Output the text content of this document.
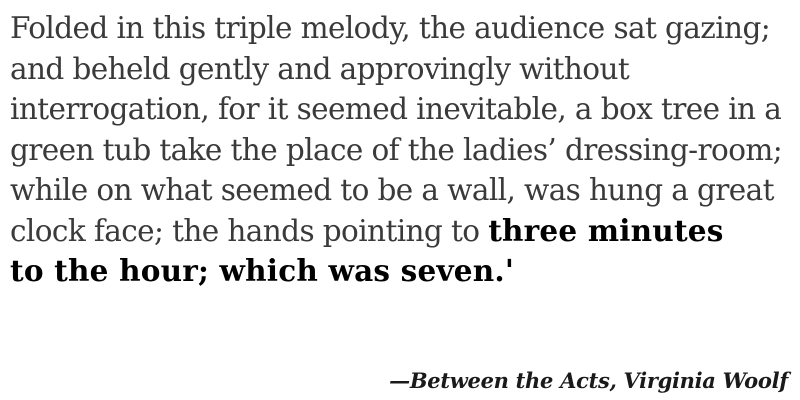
Folded in this triple melody, the audience sat gazing;
and beheld gently and approvingly without
interrogation, for it seemed inevitable, a box tree in a
green tub take the place of the ladies’ dressing-room;
while on what seemed to be a wall, was hung a great
clock face; the hands pointing to three minutes
to the hour; which was seven.'
—Between the Acts, Virginia Woolf
